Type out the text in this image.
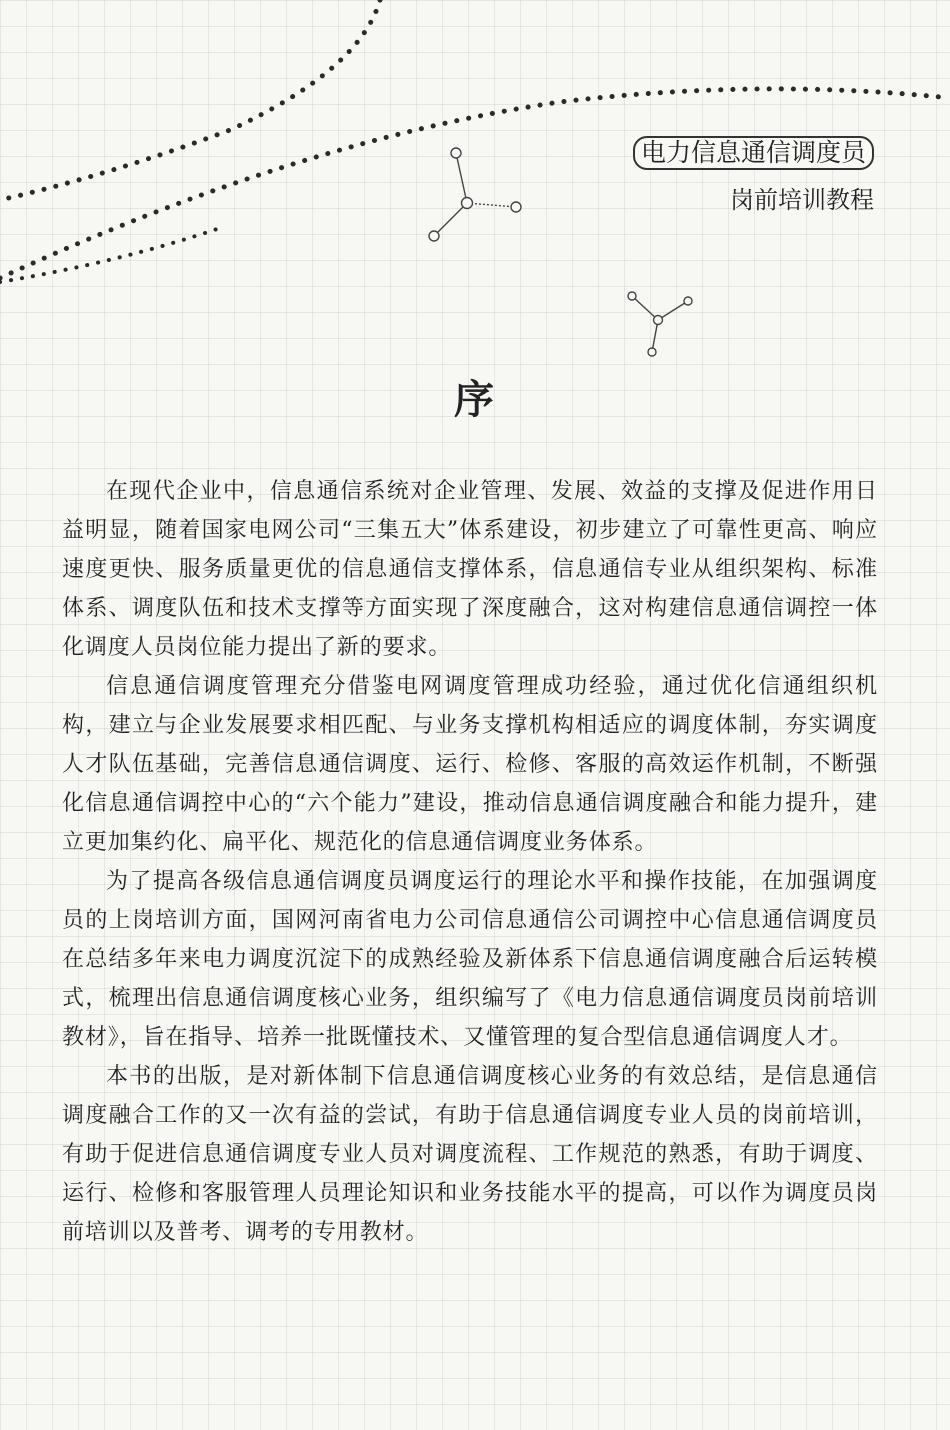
电力信息通信调度员
岗前培训教程
序

在现代企业中，信息通信系统对企业管理、发展、效益的支撑及促进作用日益明显，随着国家电网公司“三集五大”体系建设，初步建立了可靠性更高、响应速度更快、服务质量更优的信息通信支撑体系，信息通信专业从组织架构、标准体系、调度队伍和技术支撑等方面实现了深度融合，这对构建信息通信调控一体化调度人员岗位能力提出了新的要求。

信息通信调度管理充分借鉴电网调度管理成功经验，通过优化信通组织机构，建立与企业发展要求相匹配、与业务支撑机构相适应的调度体制，夯实调度人才队伍基础，完善信息通信调度、运行、检修、客服的高效运作机制，不断强化信息通信调控中心的“六个能力”建设，推动信息通信调度融合和能力提升，建立更加集约化、扁平化、规范化的信息通信调度业务体系。

为了提高各级信息通信调度员调度运行的理论水平和操作技能，在加强调度员的上岗培训方面，国网河南省电力公司信息通信公司调控中心信息通信调度员在总结多年来电力调度沉淀下的成熟经验及新体系下信息通信调度融合后运转模式，梳理出信息通信调度核心业务，组织编写了《电力信息通信调度员岗前培训教材》，旨在指导、培养一批既懂技术、又懂管理的复合型信息通信调度人才。

本书的出版，是对新体制下信息通信调度核心业务的有效总结，是信息通信调度融合工作的又一次有益的尝试，有助于信息通信调度专业人员的岗前培训，有助于促进信息通信调度专业人员对调度流程、工作规范的熟悉，有助于调度、运行、检修和客服管理人员理论知识和业务技能水平的提高，可以作为调度员岗前培训以及普考、调考的专用教材。
